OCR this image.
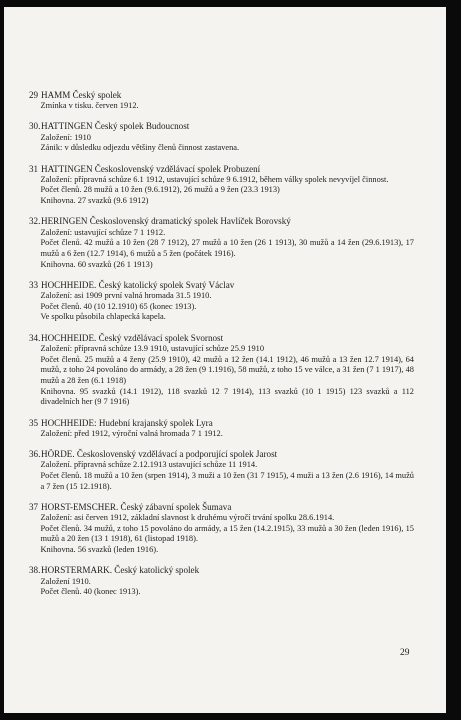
29 HAMM Český spolek
Zmínka v tisku. červen 1912.
30.HATTINGEN Český spolek Budoucnost
Založení: 1910
Zánik: v důsledku odjezdu většiny členů činnost zastavena.
31 HATTINGEN Československý vzdělávací spolek Probuzení
Založení: přípravná schůze 6.1 1912, ustavující schůze 9 6.1912, během války spolek nevyvíjel činnost.
Počet členů. 28 mužů a 10 žen (9.6.1912), 26 mužů a 9 žen (23.3 1913)
Knihovna. 27 svazků (9.6 1912)
32.HERINGEN Československý dramatický spolek Havlíček Borovský
Založení: ustavující schůze 7 1 1912.
Počet členů. 42 mužů a 10 žen (28 7 1912), 27 mužů a 10 žen (26 1 1913), 30 mužů a 14 žen (29.6.1913), 17 mužů a 6 žen (12.7 1914), 6 mužů a 5 žen (počátek 1916).
Knihovna. 60 svazků (26 1 1913)
33 HOCHHEIDE. Český katolický spolek Svatý Václav
Založení: asi 1909 první valná hromada 31.5 1910.
Počet členů. 40 (10 12.1910) 65 (konec 1913).
Ve spolku působila chlapecká kapela.
34.HOCHHEIDE. Český vzdělávací spolek Svornost
Založení: přípravná schůze 13.9 1910, ustavující schůze 25.9 1910
Počet členů. 25 mužů a 4 ženy (25.9 1910), 42 mužů a 12 žen (14.1 1912), 46 mužů a 13 žen 12.7 1914), 64 mužů, z toho 24 povoláno do armády, a 28 žen (9 1.1916), 58 mužů, z toho 15 ve válce, a 31 žen (7 1 1917), 48 mužů a 28 žen (6.1 1918)
Knihovna. 95 svazků (14.1 1912), 118 svazků 12 7 1914), 113 svazků (10 1 1915) 123 svazků a 112 divadelních her (9 7 1916)
35 HOCHHEIDE: Hudební krajanský spolek Lyra
Založení: před 1912, výroční valná hromada 7 1 1912.
36.HÖRDE. Československý vzdělávací a podporující spolek Jarost
Založení. přípravná schůze 2.12.1913 ustavující schůze 11 1914.
Počet členů. 18 mužů a 10 žen (srpen 1914), 3 muži a 10 žen (31 7 1915), 4 muži a 13 žen (2.6 1916), 14 mužů a 7 žen (15 12.1918).
37 HORST-EMSCHER. Český zábavní spolek Šumava
Založení: asi červen 1912, základní slavnost k druhému výročí trvání spolku 28.6.1914.
Počet členů. 34 mužů, z toho 15 povoláno do armády, a 15 žen (14.2.1915), 33 mužů a 30 žen (leden 1916), 15 mužů a 20 žen (13 1 1918), 61 (listopad 1918).
Knihovna. 56 svazků (leden 1916).
38.HORSTERMARK. Český katolický spolek
Založení 1910.
Počet členů. 40 (konec 1913).
29
